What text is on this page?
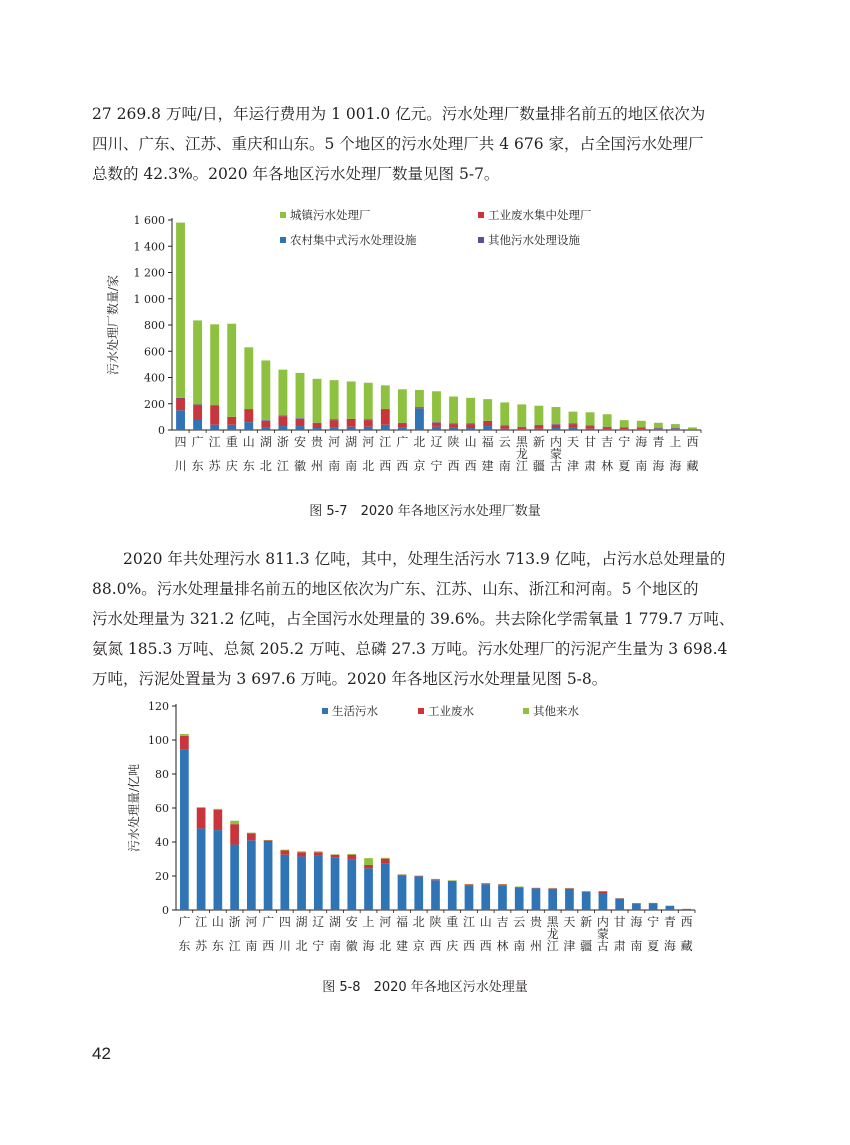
27 269.8 万吨/日，年运行费用为 1 001.0 亿元。污水处理厂数量排名前五的地区依次为
四川、广东、江苏、重庆和山东。5 个地区的污水处理厂共 4 676 家，占全国污水处理厂
总数的 42.3%。2020 年各地区污水处理厂数量见图 5-7。
污水处理厂数量/家
0
200
400
600
800
1 000
1 200
1 400
1 600
四
川
广
东
江
苏
重
庆
山
东
湖
北
浙
江
安
徽
贵
州
河
南
湖
南
河
北
江
西
广
西
北
京
辽
宁
陕
西
山
西
福
建
云
南
黑
龙
江
新
疆
内
蒙
古
天
津
甘
肃
吉
林
宁
夏
海
南
青
海
上
海
西
藏
城镇污水处理厂	工业废水集中处理厂
农村集中式污水处理设施	其他污水处理设施
图 5-7　2020 年各地区污水处理厂数量
2020 年共处理污水 811.3 亿吨，其中，处理生活污水 713.9 亿吨，占污水总处理量的
88.0%。污水处理量排名前五的地区依次为广东、江苏、山东、浙江和河南。5 个地区的
污水处理量为 321.2 亿吨，占全国污水处理量的 39.6%。共去除化学需氧量 1 779.7 万吨、
氨氮 185.3 万吨、总氮 205.2 万吨、总磷 27.3 万吨。污水处理厂的污泥产生量为 3 698.4
万吨，污泥处置量为 3 697.6 万吨。2020 年各地区污水处理量见图 5-8。
污水处理量/亿吨
0
20
40
60
80
100
120
广
东
江
苏
山
东
浙
江
河
南
广
西
四
川
湖
北
辽
宁
湖
南
安
徽
上
海
河
北
福
建
北
京
陕
西
重
庆
江
西
山
西
吉
林
云
南
贵
州
黑
龙
江
天
津
新
疆
内
蒙
古
甘
肃
海
南
宁
夏
青
海
西
藏
生活污水	工业废水	其他来水
图 5-8　2020 年各地区污水处理量
42
